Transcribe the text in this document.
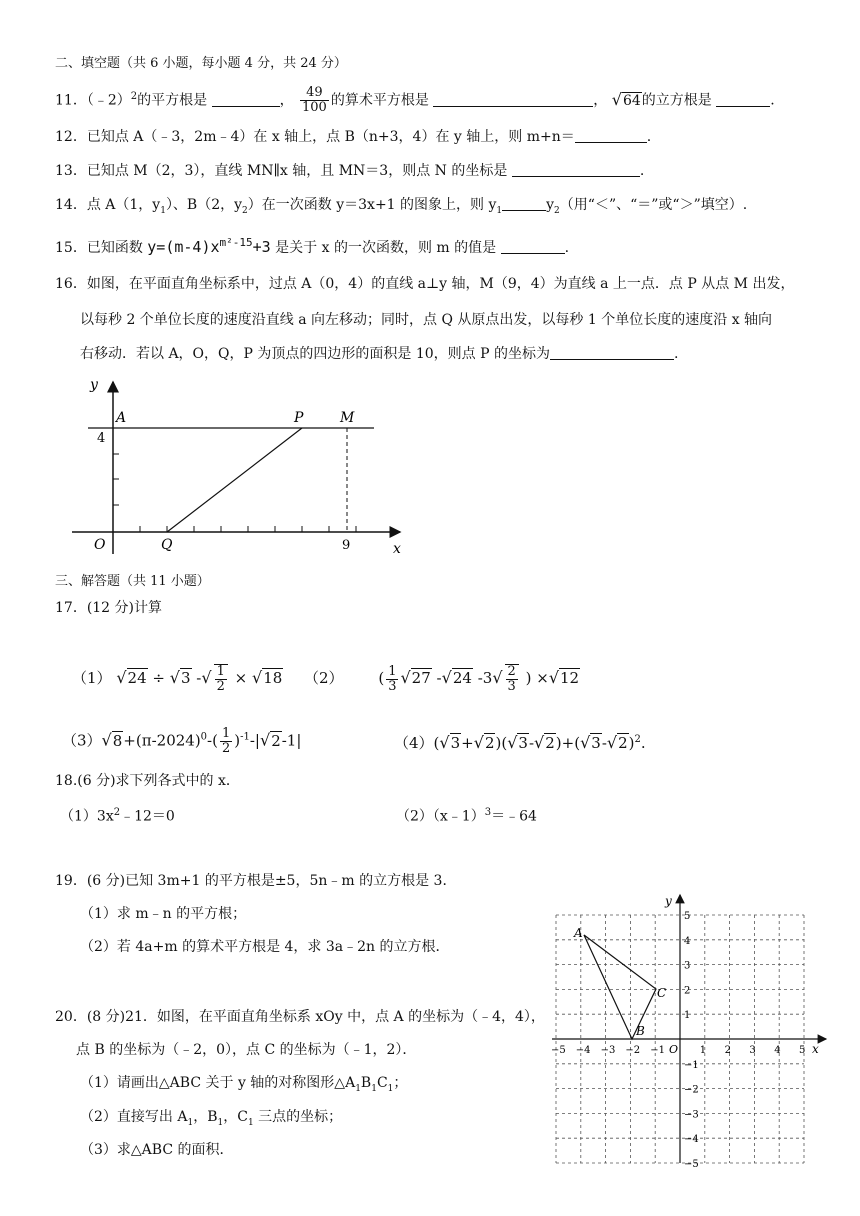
二、填空题（共 6 小题，每小题 4 分，共 24 分）
11．（﹣2）$^2$的平方根是	， $\frac{49}{100}$ 的算术平方根是	， √64的立方根是	.
12．已知点 A（﹣3，2m﹣4）在 x 轴上，点 B（n+3，4）在 y 轴上，则 m+n＝	.
13．已知点 M（2，3），直线 MN∥x 轴，且 MN＝3，则点 N 的坐标是	.
14．点 A（1，$y_1$）、B（2，$y_2$）在一次函数 y＝3x+1 的图象上，则 $y_1$	$y_2$（用“＜”、“＝”或“＞”填空）.
15．已知函数 $y=(m-4)x^{m^2-15}+3$ 是关于 x 的一次函数，则 m 的值是	.
16．如图，在平面直角坐标系中，过点 A（0，4）的直线 a⊥y 轴，M（9，4）为直线 a 上一点．点 P 从点 M 出发，
以每秒 2 个单位长度的速度沿直线 a 向左移动；同时，点 Q 从原点出发，以每秒 1 个单位长度的速度沿 x 轴向
右移动．若以 A，O，Q，P 为顶点的四边形的面积是 10，则点 P 的坐标为	.
y
x
A	P	M
4
O	Q	9
三、解答题（共 11 小题）
17．(12 分)计算
（1） √24 ÷ √3 -√ $\frac{1}{2} \times √18$ （2） ( $\frac{1}{3} √27$ -√24 $-3√ \frac{2}{3}$ ) ×√12
$(3)√8+(\pi-2024)^0-( \frac{1}{2} )^{-1}-|√2-1|$	$(4)(√3+√2)(√3-√2)+(√3-√2)^2$.
18.(6 分)求下列各式中的 x．
$(1)3x^2﹣12=0$	（2）（x﹣1）$^3$＝﹣64
19．(6 分)已知 3m+1 的平方根是±5，5n﹣m 的立方根是 3．
（1）求 m﹣n 的平方根；
（2）若 4a+m 的算术平方根是 4，求 3a﹣2n 的立方根．
20．(8 分)21．如图，在平面直角坐标系 xOy 中，点 A 的坐标为（﹣4，4），
点 B 的坐标为（﹣2，0），点 C 的坐标为（﹣1，2）．
（1）请画出△ABC 关于 y 轴的对称图形$\triangle A_1B_1C_1$；
（2）直接写出 $A_1$，$B_1$，$C_1$ 三点的坐标；
（3）求△ABC 的面积．
−5 −4 −3 −2 −1	1 2 3 4 5
5
4
3
2
1
−1
−2
−3
−4
−5
y
x
O
A
B
C
